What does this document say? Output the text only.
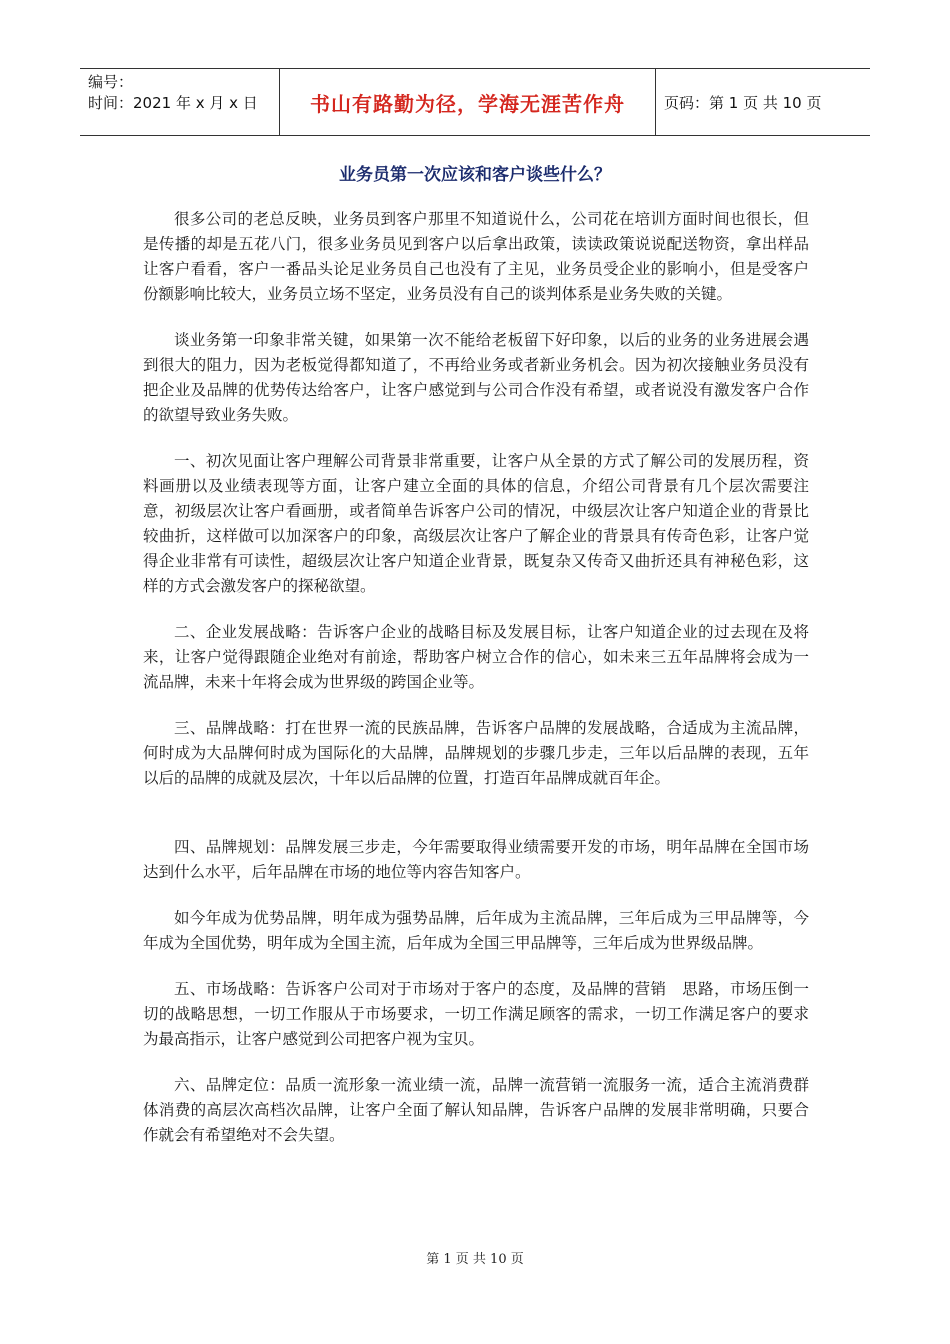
编号：
时间：2021 年 x 月 x 日	书山有路勤为径，学海无涯苦作舟	页码：第 1 页 共 10 页
业务员第一次应该和客户谈些什么？

很多公司的老总反映，业务员到客户那里不知道说什么，公司花在培训方面时间也很长，但是传播的却是五花八门，很多业务员见到客户以后拿出政策，读读政策说说配送物资，拿出样品让客户看看，客户一番品头论足业务员自己也没有了主见，业务员受企业的影响小，但是受客户份额影响比较大，业务员立场不坚定，业务员没有自己的谈判体系是业务失败的关键。

谈业务第一印象非常关键，如果第一次不能给老板留下好印象，以后的业务的业务进展会遇到很大的阻力，因为老板觉得都知道了，不再给业务或者新业务机会。因为初次接触业务员没有把企业及品牌的优势传达给客户，让客户感觉到与公司合作没有希望，或者说没有激发客户合作的欲望导致业务失败。

一、初次见面让客户理解公司背景非常重要，让客户从全景的方式了解公司的发展历程，资料画册以及业绩表现等方面，让客户建立全面的具体的信息，介绍公司背景有几个层次需要注意，初级层次让客户看画册，或者简单告诉客户公司的情况，中级层次让客户知道企业的背景比较曲折，这样做可以加深客户的印象，高级层次让客户了解企业的背景具有传奇色彩，让客户觉得企业非常有可读性，超级层次让客户知道企业背景，既复杂又传奇又曲折还具有神秘色彩，这样的方式会激发客户的探秘欲望。

二、企业发展战略：告诉客户企业的战略目标及发展目标，让客户知道企业的过去现在及将来，让客户觉得跟随企业绝对有前途，帮助客户树立合作的信心，如未来三五年品牌将会成为一流品牌，未来十年将会成为世界级的跨国企业等。

三、品牌战略：打在世界一流的民族品牌，告诉客户品牌的发展战略，合适成为主流品牌，何时成为大品牌何时成为国际化的大品牌，品牌规划的步骤几步走，三年以后品牌的表现，五年以后的品牌的成就及层次，十年以后品牌的位置，打造百年品牌成就百年企。

四、品牌规划：品牌发展三步走，今年需要取得业绩需要开发的市场，明年品牌在全国市场达到什么水平，后年品牌在市场的地位等内容告知客户。

如今年成为优势品牌，明年成为强势品牌，后年成为主流品牌，三年后成为三甲品牌等，今年成为全国优势，明年成为全国主流，后年成为全国三甲品牌等，三年后成为世界级品牌。

五、市场战略：告诉客户公司对于市场对于客户的态度，及品牌的营销　思路，市场压倒一切的战略思想，一切工作服从于市场要求，一切工作满足顾客的需求，一切工作满足客户的要求为最高指示，让客户感觉到公司把客户视为宝贝。

六、品牌定位：品质一流形象一流业绩一流，品牌一流营销一流服务一流，适合主流消费群体消费的高层次高档次品牌，让客户全面了解认知品牌，告诉客户品牌的发展非常明确，只要合作就会有希望绝对不会失望。

第 1 页 共 10 页
